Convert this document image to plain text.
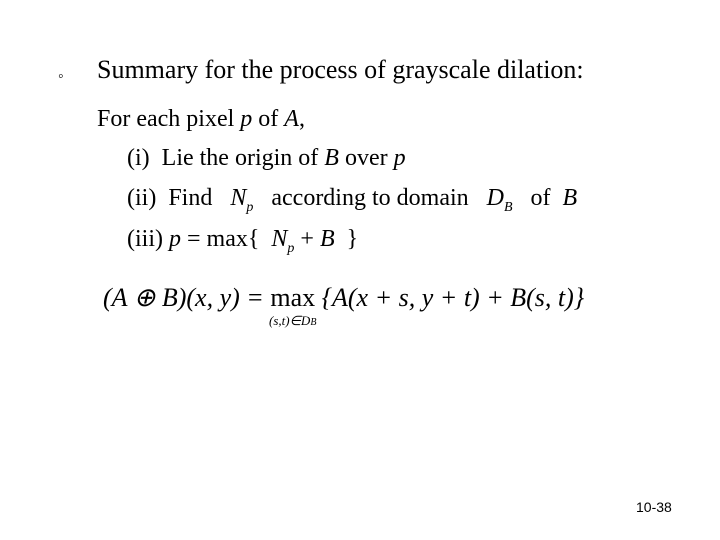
◦ Summary for the process of grayscale dilation:
For each pixel p of A,
(i) Lie the origin of B over p
(ii) Find $N_p$ according to domain $D_B$ of B
(iii) p = max{ $N_p + B$ }
(A ⊕ B)(x, y) = max
(s,t)∈DB
{A(x + s, y + t) + B(s, t)}
10-38
